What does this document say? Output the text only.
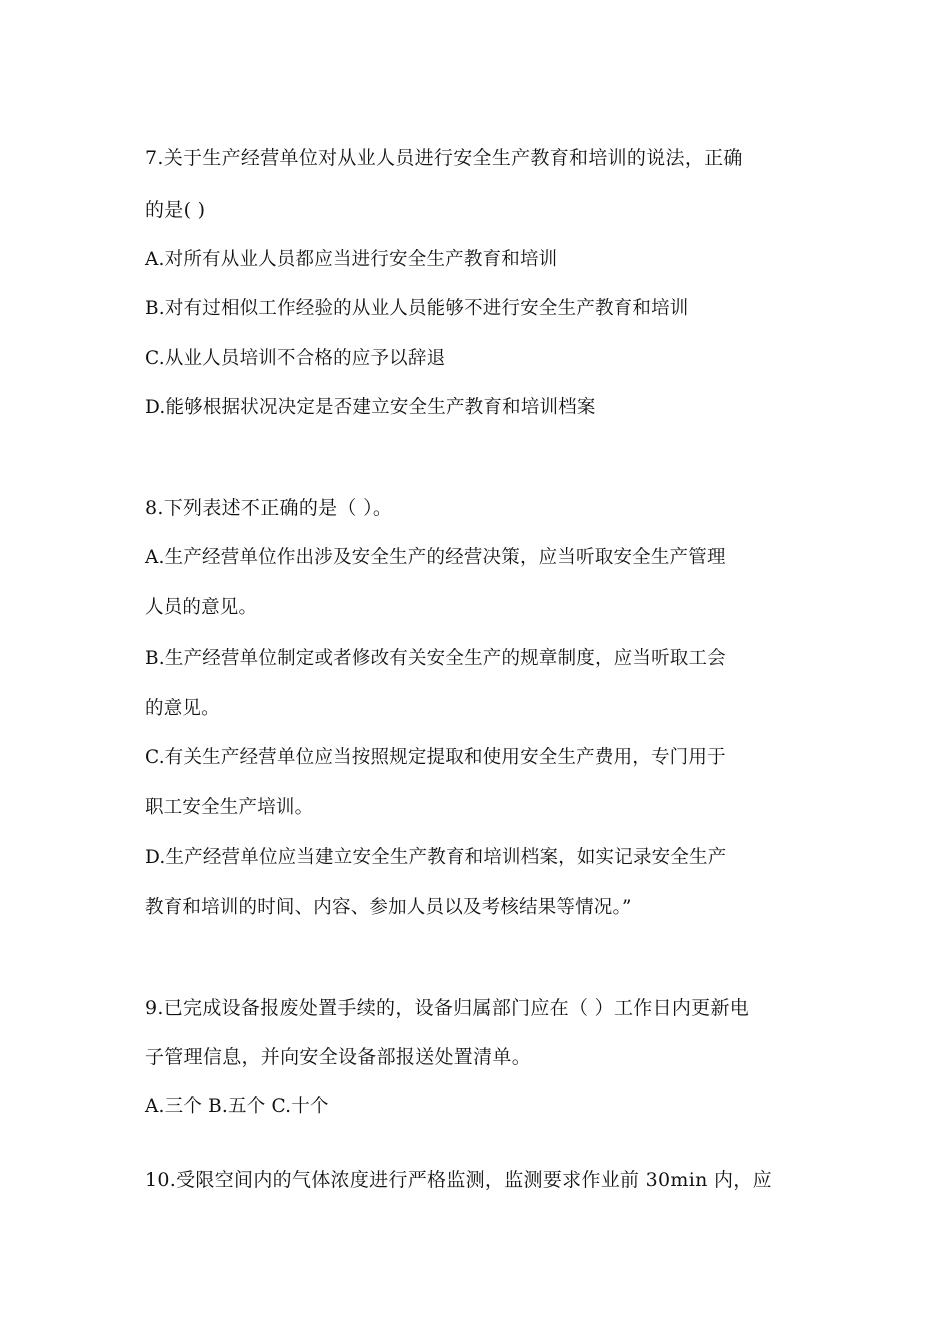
7.关于生产经营单位对从业人员进行安全生产教育和培训的说法，正确
的是( )
A.对所有从业人员都应当进行安全生产教育和培训
B.对有过相似工作经验的从业人员能够不进行安全生产教育和培训
C.从业人员培训不合格的应予以辞退
D.能够根据状况决定是否建立安全生产教育和培训档案
8.下列表述不正确的是（ ）。
A.生产经营单位作出涉及安全生产的经营决策，应当听取安全生产管理
人员的意见。
B.生产经营单位制定或者修改有关安全生产的规章制度，应当听取工会
的意见。
C.有关生产经营单位应当按照规定提取和使用安全生产费用，专门用于
职工安全生产培训。
D.生产经营单位应当建立安全生产教育和培训档案，如实记录安全生产
教育和培训的时间、内容、参加人员以及考核结果等情况。”
9.已完成设备报废处置手续的，设备归属部门应在（ ）工作日内更新电
子管理信息，并向安全设备部报送处置清单。
A.三个 B.五个 C.十个
10.受限空间内的气体浓度进行严格监测，监测要求作业前 30min 内，应
